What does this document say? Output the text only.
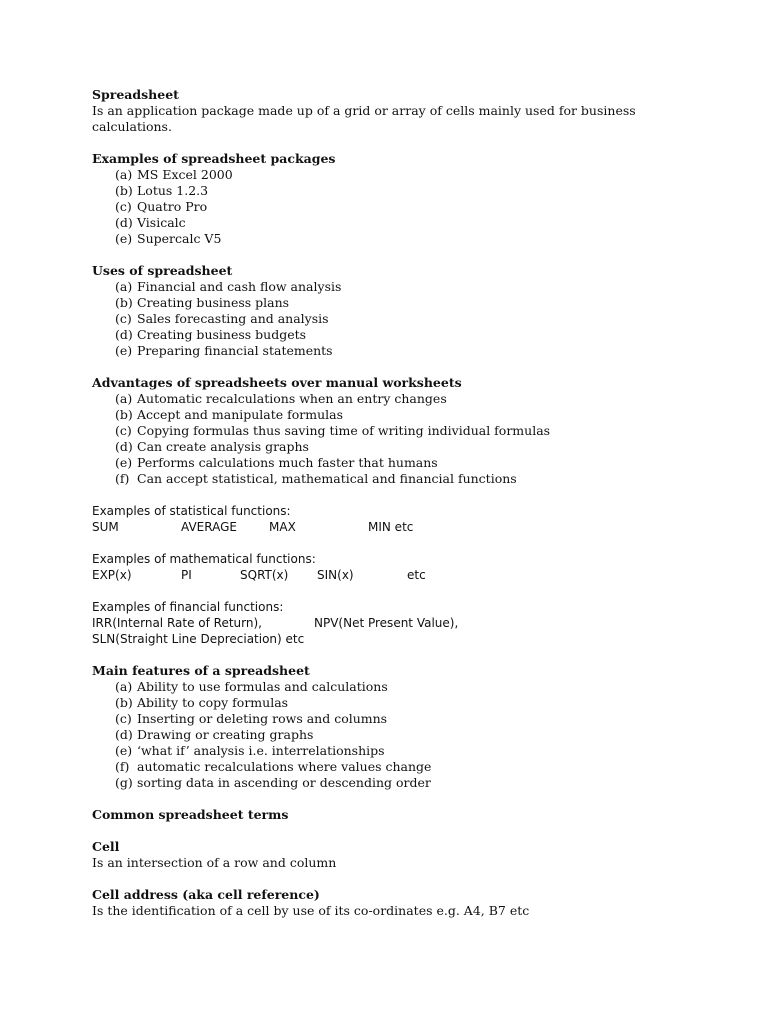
Spreadsheet
Is an application package made up of a grid or array of cells mainly used for business
calculations.
Examples of spreadsheet packages
(a) MS Excel 2000
(b) Lotus 1.2.3
(c) Quatro Pro
(d) Visicalc
(e) Supercalc V5
Uses of spreadsheet
(a) Financial and cash flow analysis
(b) Creating business plans
(c) Sales forecasting and analysis
(d) Creating business budgets
(e) Preparing financial statements
Advantages of spreadsheets over manual worksheets
(a) Automatic recalculations when an entry changes
(b) Accept and manipulate formulas
(c) Copying formulas thus saving time of writing individual formulas
(d) Can create analysis graphs
(e) Performs calculations much faster that humans
(f) Can accept statistical, mathematical and financial functions
Examples of statistical functions:
SUM	AVERAGE	MAX	MIN etc
Examples of mathematical functions:
EXP(x)	PI	SQRT(x) SIN(x)	etc
Examples of financial functions:
IRR(Internal Rate of Return),	NPV(Net Present Value),
SLN(Straight Line Depreciation) etc
Main features of a spreadsheet
(a) Ability to use formulas and calculations
(b) Ability to copy formulas
(c) Inserting or deleting rows and columns
(d) Drawing or creating graphs
(e) ‘what if’ analysis i.e. interrelationships
(f) automatic recalculations where values change
(g) sorting data in ascending or descending order
Common spreadsheet terms
Cell
Is an intersection of a row and column
Cell address (aka cell reference)
Is the identification of a cell by use of its co-ordinates e.g. A4, B7 etc
